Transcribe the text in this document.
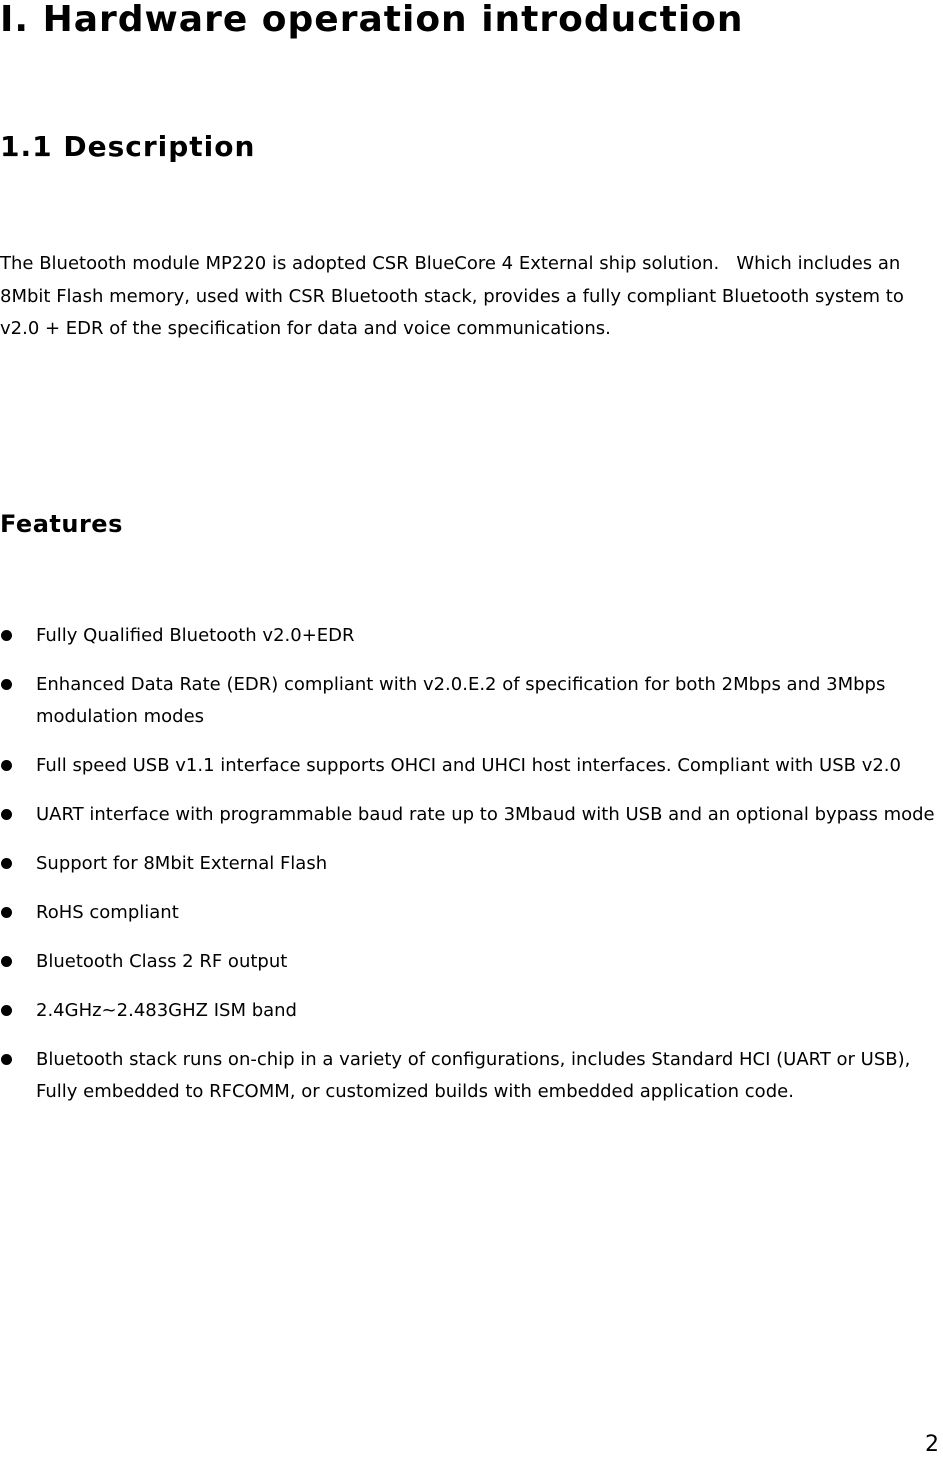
Ⅰ. Hardware operation introduction
1.1 Description

The Bluetooth module MP220 is adopted CSR BlueCore 4 External ship solution.   Which includes an 8Mbit Flash memory, used with CSR Bluetooth stack, provides a fully compliant Bluetooth system to v2.0 + EDR of the specification for data and voice communications.

Features
Fully Qualified Bluetooth v2.0+EDR
Enhanced Data Rate (EDR) compliant with v2.0.E.2 of specification for both 2Mbps and 3Mbps modulation modes
Full speed USB v1.1 interface supports OHCI and UHCI host interfaces. Compliant with USB v2.0
UART interface with programmable baud rate up to 3Mbaud with USB and an optional bypass mode
Support for 8Mbit External Flash
RoHS compliant
Bluetooth Class 2 RF output
2.4GHz~2.483GHZ ISM band
Bluetooth stack runs on-chip in a variety of configurations, includes Standard HCI (UART or USB), Fully embedded to RFCOMM, or customized builds with embedded application code.
2
